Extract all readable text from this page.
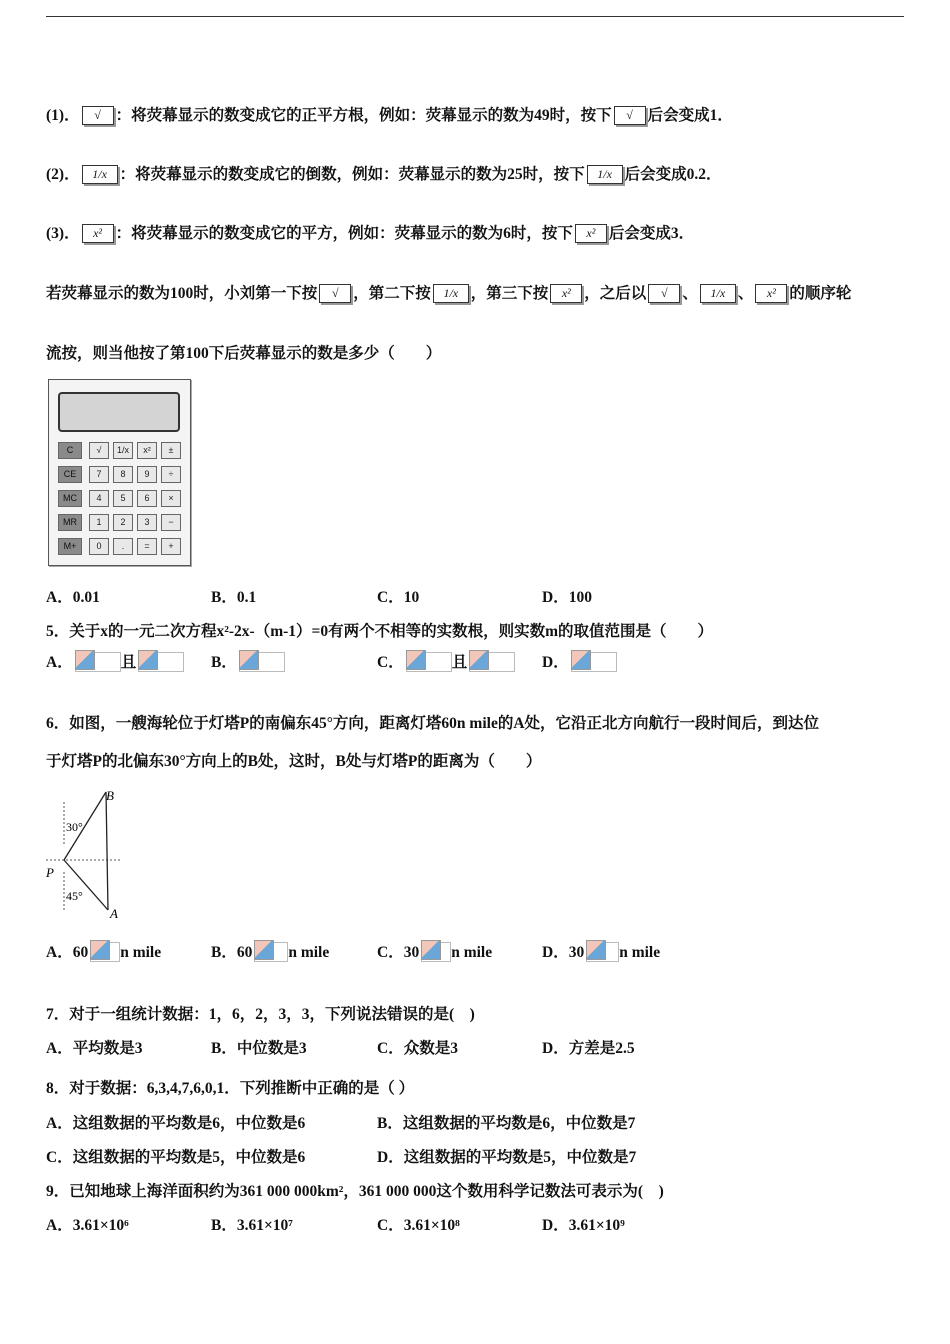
(1)． √ ：将荧幕显示的数变成它的正平方根，例如：荧幕显示的数为49时，按下 √ 后会变成1．
(2)． 1/x ：将荧幕显示的数变成它的倒数，例如：荧幕显示的数为25时，按下 1/x 后会变成0.2．
(3)． x² ：将荧幕显示的数变成它的平方，例如：荧幕显示的数为6时，按下 x² 后会变成3．
若荧幕显示的数为100时，小刘第一下按 √ ，第二下按 1/x ，第三下按 x² ，之后以 √ 、 1/x 、 x² 的顺序轮
流按，则当他按了第100下后荧幕显示的数是多少（　　）
C	√	1/x	x²	±
CE	7	8	9	÷
MC	4	5	6	×
MR	1	2	3	−
M+	0	.	=	+
A．0.01	B．0.1	C．10	D．100
5．关于x的一元二次方程x²-2x-（m-1）=0有两个不相等的实数根，则实数m的取值范围是（　　）
A．	且	B．	C．	且	D．
6．如图，一艘海轮位于灯塔P的南偏东45°方向，距离灯塔60n mile的A处，它沿正北方向航行一段时间后，到达位
于灯塔P的北偏东30°方向上的B处，这时，B处与灯塔P的距离为（　　）
B
30°
P
45°
A
A．60 n mile	B．60 n mile	C．30 n mile	D．30 n mile
7．对于一组统计数据：1，6，2，3，3，下列说法错误的是(　)
A．平均数是3	B．中位数是3	C．众数是3	D．方差是2.5
8．对于数据：6,3,4,7,6,0,1．下列推断中正确的是（ ）
A．这组数据的平均数是6，中位数是6	B．这组数据的平均数是6，中位数是7
C．这组数据的平均数是5，中位数是6	D．这组数据的平均数是5，中位数是7
9．已知地球上海洋面积约为361 000 000km²，361 000 000这个数用科学记数法可表示为(　)
A．3.61×10⁶	B．3.61×10⁷	C．3.61×10⁸	D．3.61×10⁹
